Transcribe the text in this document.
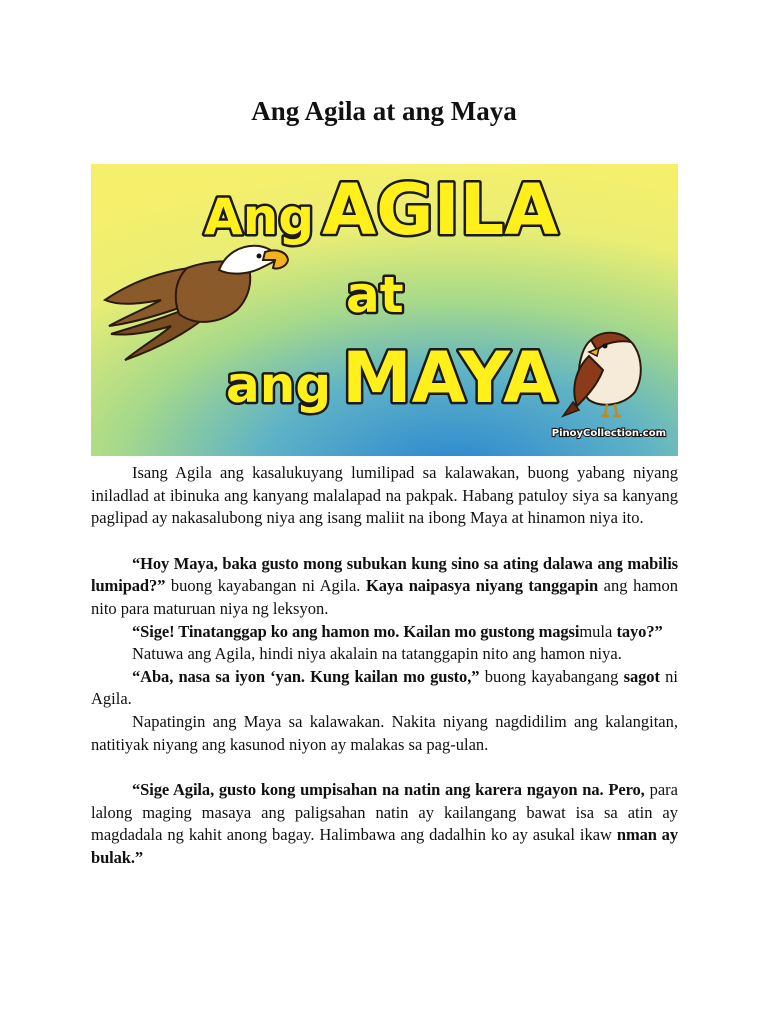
Ang Agila at ang Maya
Ang AGILA
at
ang MAYA
PinoyCollection.com

Isang Agila ang kasalukuyang lumilipad sa kalawakan, buong yabang niyang iniladlad at ibinuka ang kanyang malalapad na pakpak. Habang patuloy siya sa kanyang paglipad ay nakasalubong niya ang isang maliit na ibong Maya at hinamon niya ito.

“Hoy Maya, baka gusto mong subukan kung sino sa ating dalawa ang mabilis lumipad?” buong kayabangan ni Agila. Kaya naipasya niyang tanggapin ang hamon nito para maturuan niya ng leksyon.

“Sige! Tinatanggap ko ang hamon mo. Kailan mo gustong magsimula tayo?”

Natuwa ang Agila, hindi niya akalain na tatanggapin nito ang hamon niya.

“Aba, nasa sa iyon ‘yan. Kung kailan mo gusto,” buong kayabangang sagot ni Agila.

Napatingin ang Maya sa kalawakan. Nakita niyang nagdidilim ang kalangitan, natitiyak niyang ang kasunod niyon ay malakas sa pag-ulan.

“Sige Agila, gusto kong umpisahan na natin ang karera ngayon na. Pero, para lalong maging masaya ang paligsahan natin ay kailangang bawat isa sa atin ay magdadala ng kahit anong bagay. Halimbawa ang dadalhin ko ay asukal ikaw nman ay bulak.”
